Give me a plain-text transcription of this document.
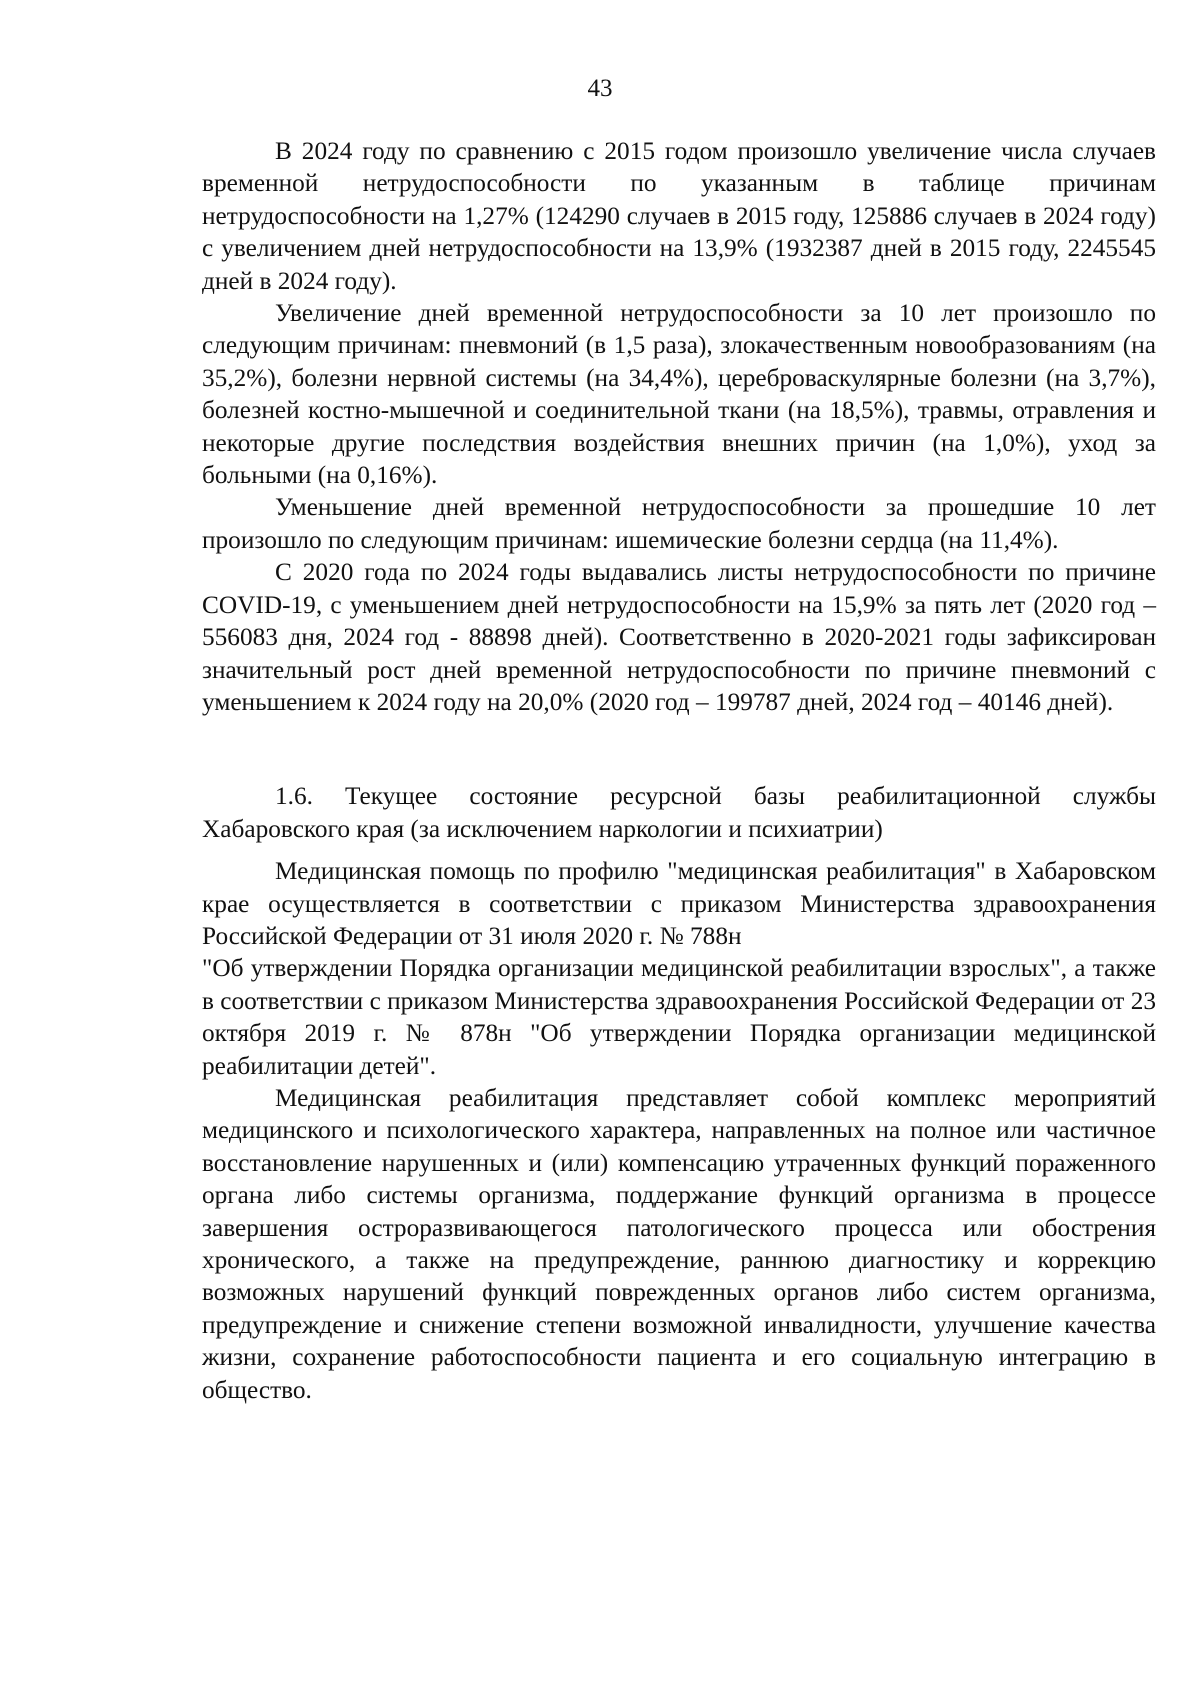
43

В 2024 году по сравнению с 2015 годом произошло увеличение числа случаев временной нетрудоспособности по указанным в таблице причинам нетрудоспособности на 1,27% (124290 случаев в 2015 году, 125886 случаев в 2024 году) с увеличением дней нетрудоспособности на 13,9% (1932387 дней в 2015 году, 2245545 дней в 2024 году).

Увеличение дней временной нетрудоспособности за 10 лет произошло по следующим причинам: пневмоний (в 1,5 раза), злокачественным новообразованиям (на 35,2%), болезни нервной системы (на 34,4%), цереброваскулярные болезни (на 3,7%), болезней костно-мышечной и соединительной ткани (на 18,5%), травмы, отравления и некоторые другие последствия воздействия внешних причин (на 1,0%), уход за больными (на 0,16%).

Уменьшение дней временной нетрудоспособности за прошедшие 10 лет произошло по следующим причинам: ишемические болезни сердца (на 11,4%).

С 2020 года по 2024 годы выдавались листы нетрудоспособности по причине COVID-19, с уменьшением дней нетрудоспособности на 15,9% за пять лет (2020 год – 556083 дня, 2024 год - 88898 дней). Соответственно в 2020-2021 годы зафиксирован значительный рост дней временной нетрудоспособности по причине пневмоний с уменьшением к 2024 году на 20,0% (2020 год – 199787 дней, 2024 год – 40146 дней).

1.6. Текущее состояние ресурсной базы реабилитационной службы Хабаровского края (за исключением наркологии и психиатрии)

Медицинская помощь по профилю "медицинская реабилитация" в Хабаровском крае осуществляется в соответствии с приказом Министерства здравоохранения Российской Федерации от 31 июля 2020 г. № 788н

"Об утверждении Порядка организации медицинской реабилитации взрослых", а также в соответствии с приказом Министерства здравоохранения Российской Федерации от 23 октября 2019 г. № 878н "Об утверждении Порядка организации медицинской реабилитации детей".

Медицинская реабилитация представляет собой комплекс мероприятий медицинского и психологического характера, направленных на полное или частичное восстановление нарушенных и (или) компенсацию утраченных функций пораженного органа либо системы организма, поддержание функций организма в процессе завершения остроразвивающегося патологического процесса или обострения хронического, а также на предупреждение, раннюю диагностику и коррекцию возможных нарушений функций поврежденных органов либо систем организма, предупреждение и снижение степени возможной инвалидности, улучшение качества жизни, сохранение работоспособности пациента и его социальную интеграцию в общество.
